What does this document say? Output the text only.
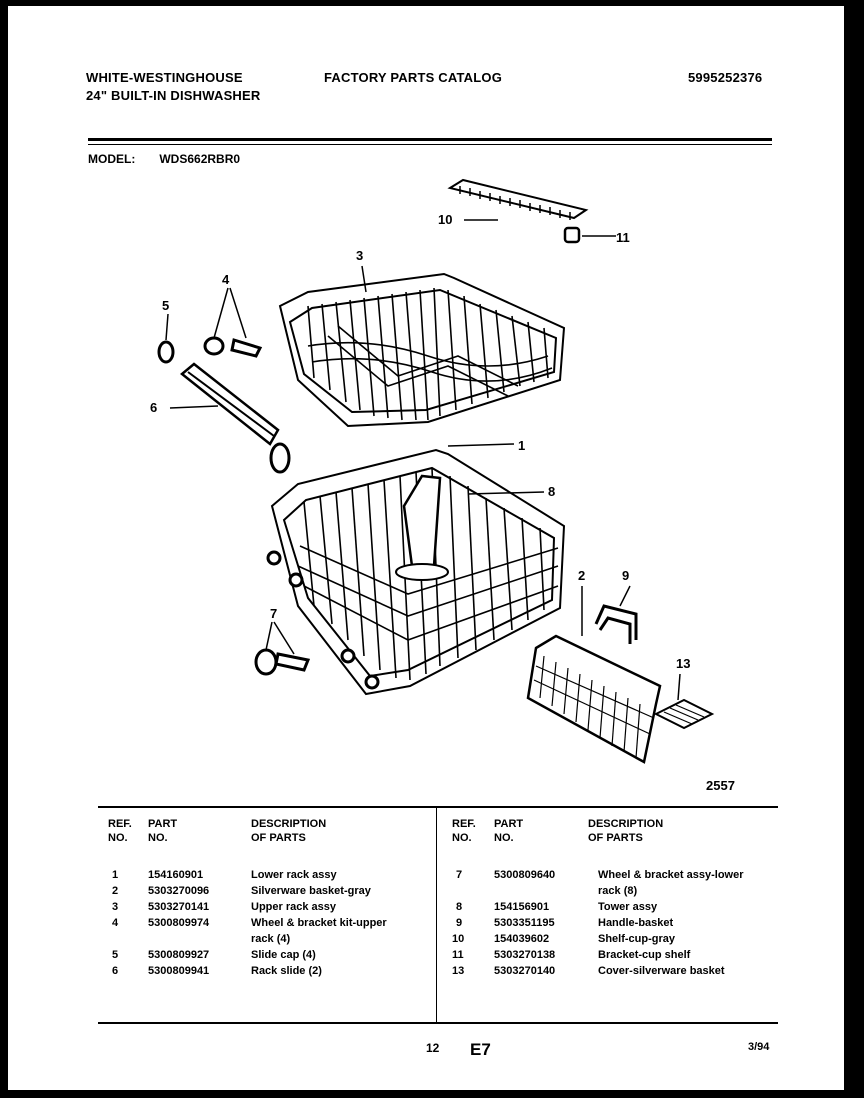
WHITE-WESTINGHOUSE
24" BUILT-IN DISHWASHER
FACTORY PARTS CATALOG	5995252376
MODEL: WDS662RBR0
10
11
3
4
5
6
1
8
2	9
13
7
2557
REF.
NO.
PART
NO.
DESCRIPTION
OF PARTS
REF.
NO.
PART
NO.
DESCRIPTION
OF PARTS
1	154160901	Lower rack assy
2	5303270096	Silverware basket-gray
3	5303270141	Upper rack assy
4	5300809974	Wheel & bracket kit-upper
rack (4)
5	5300809927	Slide cap (4)
6	5300809941	Rack slide (2)
7	5300809640	Wheel & bracket assy-lower
rack (8)
8	154156901	Tower assy
9	5303351195	Handle-basket
10	154039602	Shelf-cup-gray
11	5303270138	Bracket-cup shelf
13	5303270140	Cover-silverware basket
12 E7	3/94
